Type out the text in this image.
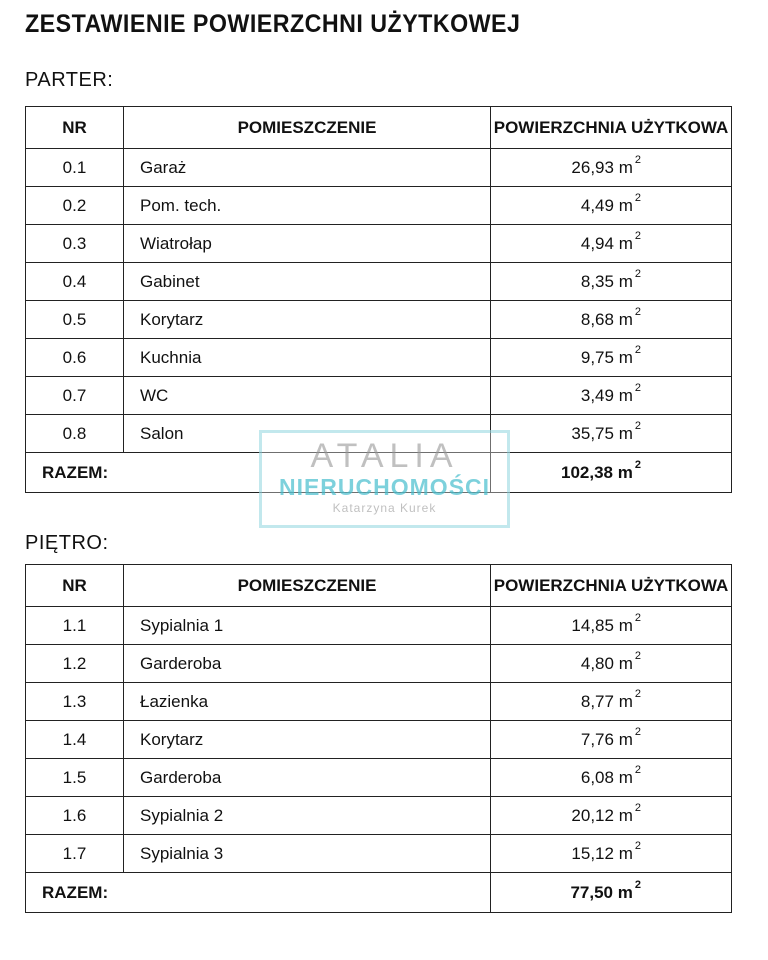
ZESTAWIENIE POWIERZCHNI UŻYTKOWEJ
PARTER:
NR	POMIESZCZENIE	POWIERZCHNIA UŻYTKOWA
0.1	Garaż	26,93 m $^2$
0.2	Pom. tech.	4,49 m $^2$
0.3	Wiatrołap	4,94 m $^2$
0.4	Gabinet	8,35 m $^2$
0.5	Korytarz	8,68 m $^2$
0.6	Kuchnia	9,75 m $^2$
0.7	WC	3,49 m $^2$
0.8	Salon	35,75 m $^2$
RAZEM:		102,38 m $^2$
PIĘTRO:
NR	POMIESZCZENIE	POWIERZCHNIA UŻYTKOWA
1.1	Sypialnia 1	14,85 m $^2$
1.2	Garderoba	4,80 m $^2$
1.3	Łazienka	8,77 m $^2$
1.4	Korytarz	7,76 m $^2$
1.5	Garderoba	6,08 m $^2$
1.6	Sypialnia 2	20,12 m $^2$
1.7	Sypialnia 3	15,12 m $^2$
RAZEM:		77,50 m $^2$
ATALIA
NIERUCHOMOŚCI
Katarzyna Kurek
